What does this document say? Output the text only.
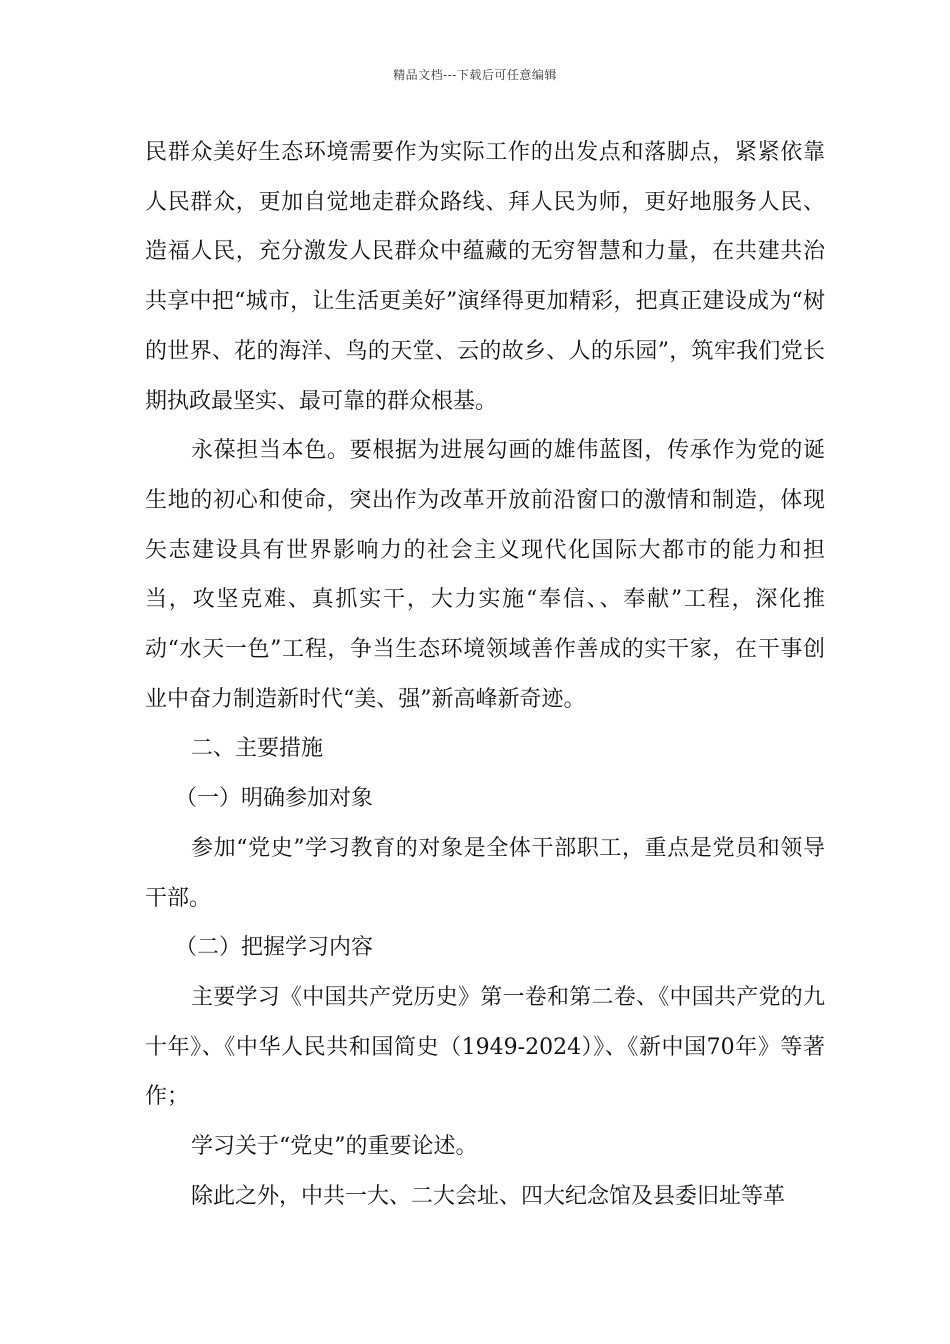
精品文档---下载后可任意编辑

民群众美好生态环境需要作为实际工作的出发点和落脚点，紧紧依靠人民群众，更加自觉地走群众路线、拜人民为师，更好地服务人民、造福人民，充分激发人民群众中蕴藏的无穷智慧和力量，在共建共治共享中把“城市，让生活更美好”演绎得更加精彩，把真正建设成为“树的世界、花的海洋、鸟的天堂、云的故乡、人的乐园”，筑牢我们党长期执政最坚实、最可靠的群众根基。

永葆担当本色。要根据为进展勾画的雄伟蓝图，传承作为党的诞生地的初心和使命，突出作为改革开放前沿窗口的激情和制造，体现矢志建设具有世界影响力的社会主义现代化国际大都市的能力和担当，攻坚克难、真抓实干，大力实施“奉信、、奉献”工程，深化推动“水天一色”工程，争当生态环境领域善作善成的实干家，在干事创业中奋力制造新时代“美、强”新高峰新奇迹。

二、主要措施

（一）明确参加对象

参加“党史”学习教育的对象是全体干部职工，重点是党员和领导干部。

（二）把握学习内容

主要学习《中国共产党历史》第一卷和第二卷、《中国共产党的九十年》、《中华人民共和国简史（1949-2024）》、《新中国70年》等著作；

学习关于“党史”的重要论述。

除此之外，中共一大、二大会址、四大纪念馆及县委旧址等革
